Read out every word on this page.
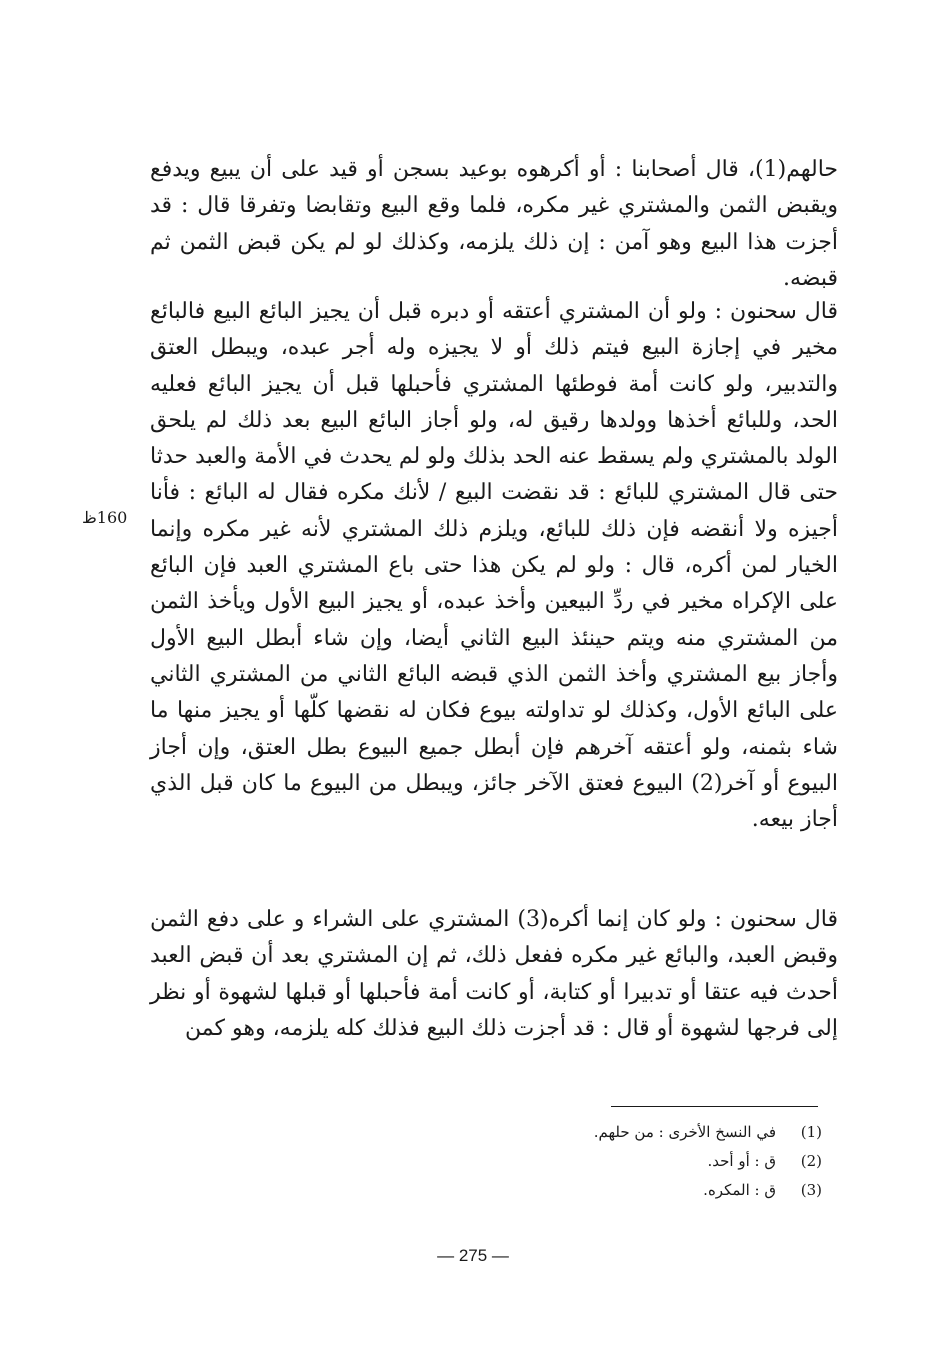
حالهم(1)، قال أصحابنا : أو أكرهوه بوعيد بسجن أو قيد على أن يبيع ويدفع ويقبض الثمن والمشتري غير مكره، فلما وقع البيع وتقابضا وتفرقا قال : قد أجزت هذا البيع وهو آمن : إن ذلك يلزمه، وكذلك لو لم يكن قبض الثمن ثم قبضه.

قال سحنون : ولو أن المشتري أعتقه أو دبره قبل أن يجيز البائع البيع فالبائع مخير في إجازة البيع فيتم ذلك أو لا يجيزه وله أجر عبده، ويبطل العتق والتدبير، ولو كانت أمة فوطئها المشتري فأحبلها قبل أن يجيز البائع فعليه الحد، وللبائع أخذها وولدها رقيق له، ولو أجاز البائع البيع بعد ذلك لم يلحق الولد بالمشتري ولم يسقط عنه الحد بذلك ولو لم يحدث في الأمة والعبد حدثا حتى قال المشتري للبائع : قد نقضت البيع / لأنك مكره فقال له البائع : فأنا أجيزه ولا أنقضه فإن ذلك للبائع، ويلزم ذلك المشتري لأنه غير مكره وإنما الخيار لمن أكره، قال : ولو لم يكن هذا حتى باع المشتري العبد فإن البائع على الإكراه مخير في ردِّ البيعين وأخذ عبده، أو يجيز البيع الأول ويأخذ الثمن من المشتري منه ويتم حينئذ البيع الثاني أيضا، وإن شاء أبطل البيع الأول وأجاز بيع المشتري وأخذ الثمن الذي قبضه البائع الثاني من المشتري الثاني على البائع الأول، وكذلك لو تداولته بيوع فكان له نقضها كلّها أو يجيز منها ما شاء بثمنه، ولو أعتقه آخرهم فإن أبطل جميع البيوع بطل العتق، وإن أجاز البيوع أو آخر(2) البيوع فعتق الآخر جائز، ويبطل من البيوع ما كان قبل الذي أجاز بيعه.

قال سحنون : ولو كان إنما أكره(3) المشتري على الشراء و على دفع الثمن وقبض العبد، والبائع غير مكره ففعل ذلك، ثم إن المشتري بعد أن قبض العبد أحدث فيه عتقا أو تدبيرا أو كتابة، أو كانت أمة فأحبلها أو قبلها لشهوة أو نظر إلى فرجها لشهوة أو قال : قد أجزت ذلك البيع فذلك كله يلزمه، وهو كمن

160ظ
(1)
في النسخ الأخرى : من حلهم.
(2)
ق : أو أحد.
(3)
ق : المكره.
— 275 —
